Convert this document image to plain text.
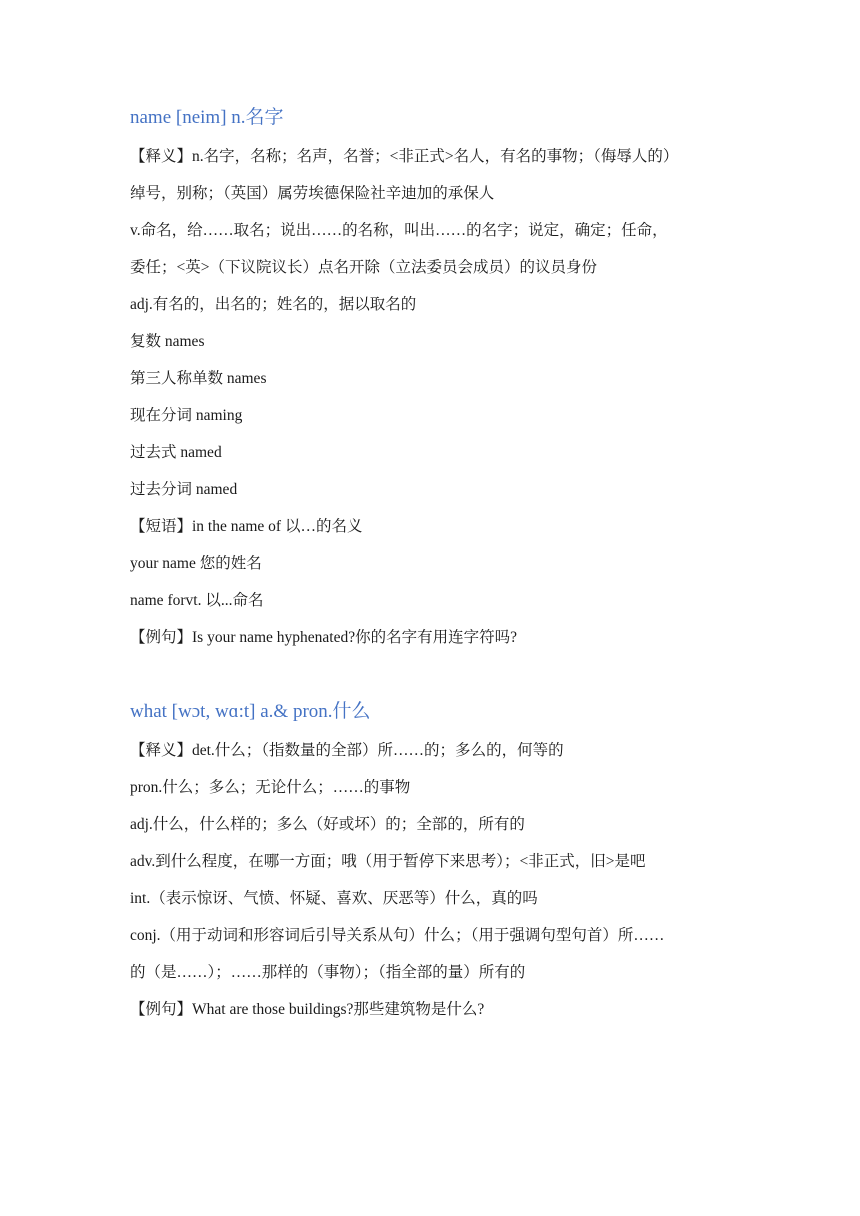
name [neim] n.名字

【释义】n.名字，名称；名声，名誉；<非正式>名人，有名的事物；（侮辱人的）

绰号，别称；（英国）属劳埃德保险社辛迪加的承保人

v.命名，给……取名；说出……的名称，叫出……的名字；说定，确定；任命，

委任；<英>（下议院议长）点名开除（立法委员会成员）的议员身份

adj.有名的，出名的；姓名的，据以取名的

复数 names

第三人称单数 names

现在分词 naming

过去式 named

过去分词 named

【短语】in the name of 以…的名义

your name 您的姓名

name forvt. 以...命名

【例句】Is your name hyphenated?你的名字有用连字符吗?

what [wɔt, wɑ:t] a.& pron.什么

【释义】det.什么；（指数量的全部）所……的；多么的，何等的

pron.什么；多么；无论什么；……的事物

adj.什么，什么样的；多么（好或坏）的；全部的，所有的

adv.到什么程度，在哪一方面；哦（用于暂停下来思考）；<非正式，旧>是吧

int.（表示惊讶、气愤、怀疑、喜欢、厌恶等）什么，真的吗

conj.（用于动词和形容词后引导关系从句）什么；（用于强调句型句首）所……

的（是……）；……那样的（事物）；（指全部的量）所有的

【例句】What are those buildings?那些建筑物是什么?
